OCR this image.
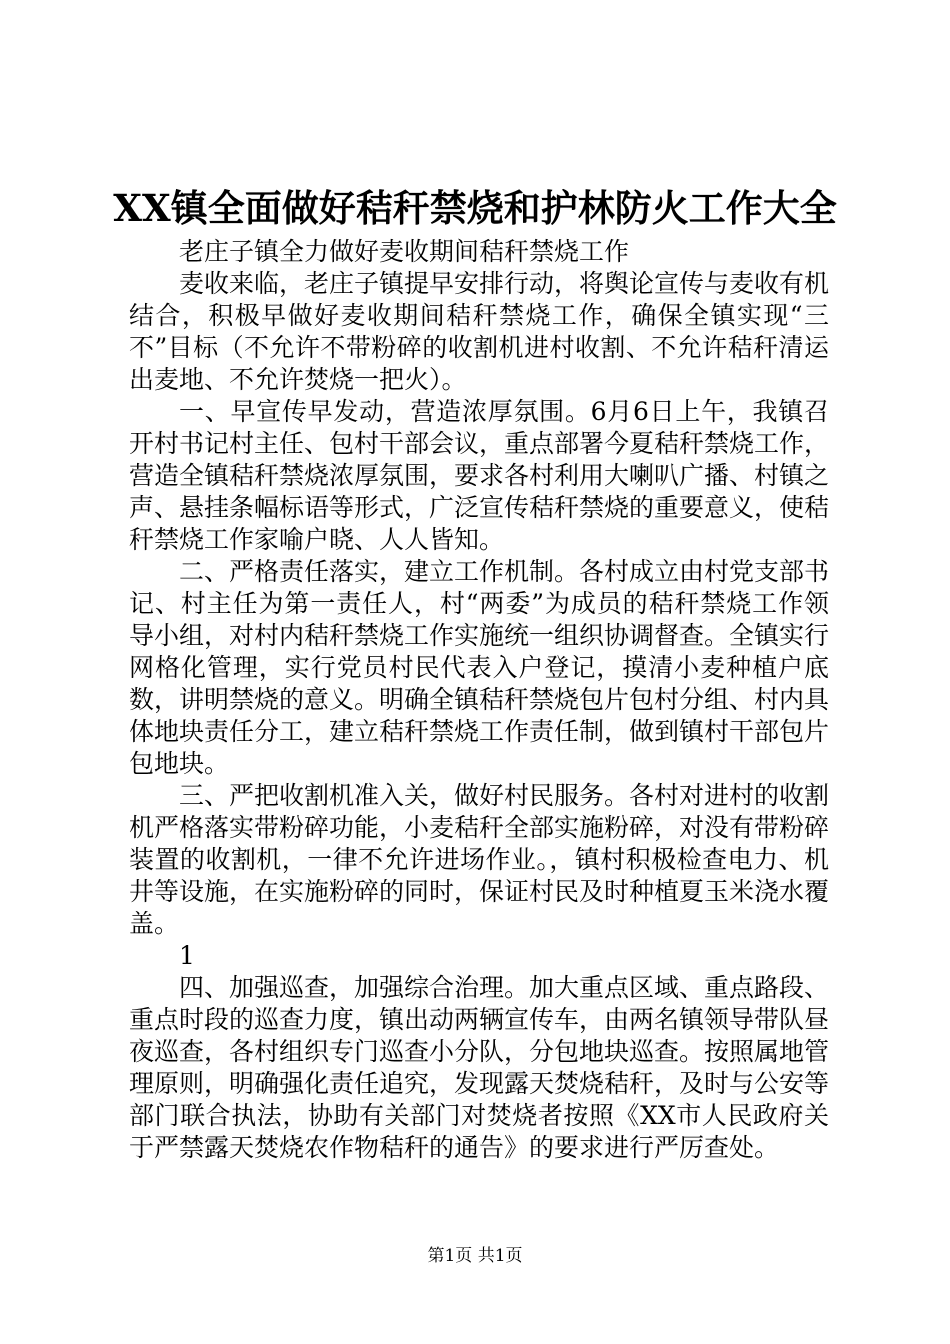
XX镇全面做好秸秆禁烧和护林防火工作大全

老庄子镇全力做好麦收期间秸秆禁烧工作

麦收来临，老庄子镇提早安排行动，将舆论宣传与麦收有机结合，积极早做好麦收期间秸秆禁烧工作，确保全镇实现“三不”目标（不允许不带粉碎的收割机进村收割、不允许秸秆清运出麦地、不允许焚烧一把火）。

一、早宣传早发动，营造浓厚氛围。6月6日上午，我镇召开村书记村主任、包村干部会议，重点部署今夏秸秆禁烧工作，营造全镇秸秆禁烧浓厚氛围，要求各村利用大喇叭广播、村镇之声、悬挂条幅标语等形式，广泛宣传秸秆禁烧的重要意义，使秸秆禁烧工作家喻户晓、人人皆知。

二、严格责任落实，建立工作机制。各村成立由村党支部书记、村主任为第一责任人，村“两委”为成员的秸秆禁烧工作领导小组，对村内秸秆禁烧工作实施统一组织协调督查。全镇实行网格化管理，实行党员村民代表入户登记，摸清小麦种植户底数，讲明禁烧的意义。明确全镇秸秆禁烧包片包村分组、村内具体地块责任分工，建立秸秆禁烧工作责任制，做到镇村干部包片包地块。

三、严把收割机准入关，做好村民服务。各村对进村的收割机严格落实带粉碎功能，小麦秸秆全部实施粉碎，对没有带粉碎装置的收割机，一律不允许进场作业。，镇村积极检查电力、机井等设施，在实施粉碎的同时，保证村民及时种植夏玉米浇水覆盖。

1

四、加强巡查，加强综合治理。加大重点区域、重点路段、重点时段的巡查力度，镇出动两辆宣传车，由两名镇领导带队昼夜巡查，各村组织专门巡查小分队，分包地块巡查。按照属地管理原则，明确强化责任追究，发现露天焚烧秸秆，及时与公安等部门联合执法，协助有关部门对焚烧者按照《XX市人民政府关于严禁露天焚烧农作物秸秆的通告》的要求进行严厉查处。

第1页 共1页
